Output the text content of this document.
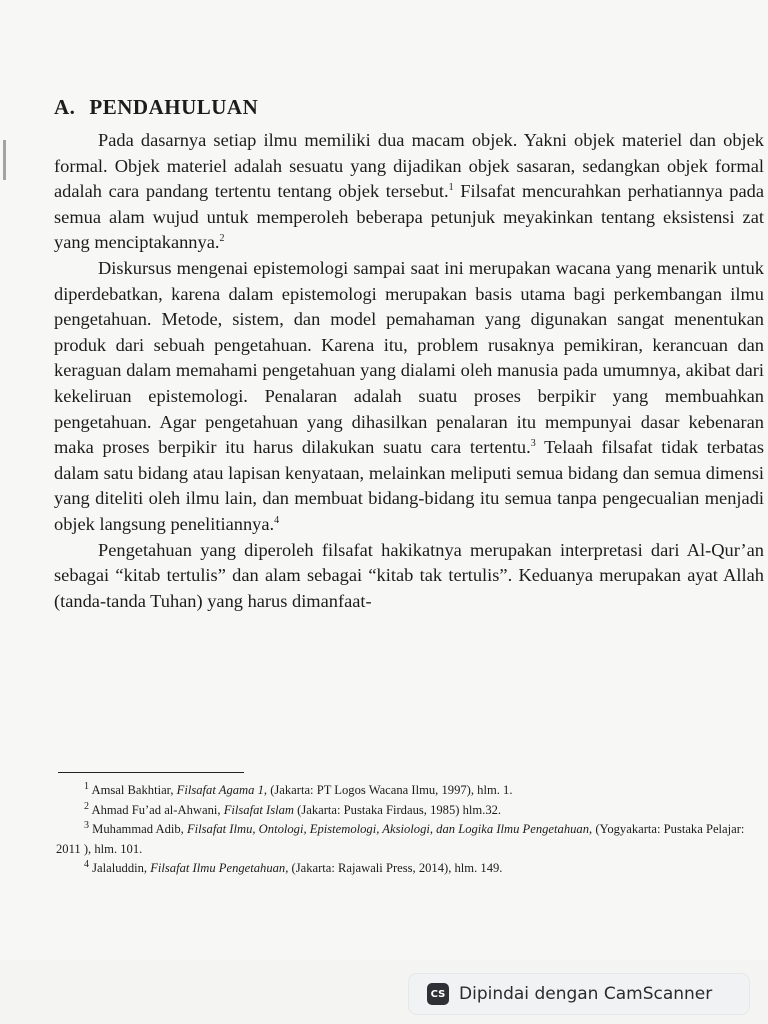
A. PENDAHULUAN

Pada dasarnya setiap ilmu memiliki dua macam objek. Yakni objek materiel dan objek formal. Objek materiel adalah sesuatu yang dijadikan objek sasaran, sedangkan objek formal adalah cara pandang tertentu tentang objek tersebut.$^1$ Filsafat mencurahkan perhatiannya pada semua alam wujud untuk memperoleh beberapa petunjuk meyakinkan tentang eksistensi zat yang menciptakannya.$^2$

Diskursus mengenai epistemologi sampai saat ini merupakan wacana yang menarik untuk diperdebatkan, karena dalam epistemologi merupakan basis utama bagi perkembangan ilmu pengetahuan. Metode, sistem, dan model pemahaman yang digunakan sangat menentukan produk dari sebuah pengetahuan. Karena itu, problem rusaknya pemikiran, kerancuan dan keraguan dalam memahami pengetahuan yang dialami oleh manusia pada umumnya, akibat dari kekeliruan epistemologi. Penalaran adalah suatu proses berpikir yang membuahkan pengetahuan. Agar pengetahuan yang dihasilkan penalaran itu mempunyai dasar kebenaran maka proses berpikir itu harus dilakukan suatu cara tertentu.$^3$ Telaah filsafat tidak terbatas dalam satu bidang atau lapisan kenyataan, melainkan meliputi semua bidang dan semua dimensi yang diteliti oleh ilmu lain, dan membuat bidang-bidang itu semua tanpa pengecualian menjadi objek langsung penelitiannya.$^4$

Pengetahuan yang diperoleh filsafat hakikatnya merupakan interpretasi dari Al-Qur’an sebagai “kitab tertulis” dan alam sebagai “kitab tak tertulis”. Keduanya merupakan ayat Allah (tanda-tanda Tuhan) yang harus dimanfaat-

$^1$ Amsal Bakhtiar, Filsafat Agama 1, (Jakarta: PT Logos Wacana Ilmu, 1997), hlm. 1.

$^2$ Ahmad Fu’ad al-Ahwani, Filsafat Islam (Jakarta: Pustaka Firdaus, 1985) hlm.32.

$^3$ Muhammad Adib, Filsafat Ilmu, Ontologi, Epistemologi, Aksiologi, dan Logika Ilmu Pengetahuan, (Yogyakarta: Pustaka Pelajar: 2011 ), hlm. 101.

$^4$ Jalaluddin, Filsafat Ilmu Pengetahuan, (Jakarta: Rajawali Press, 2014), hlm. 149.

CS Dipindai dengan CamScanner
